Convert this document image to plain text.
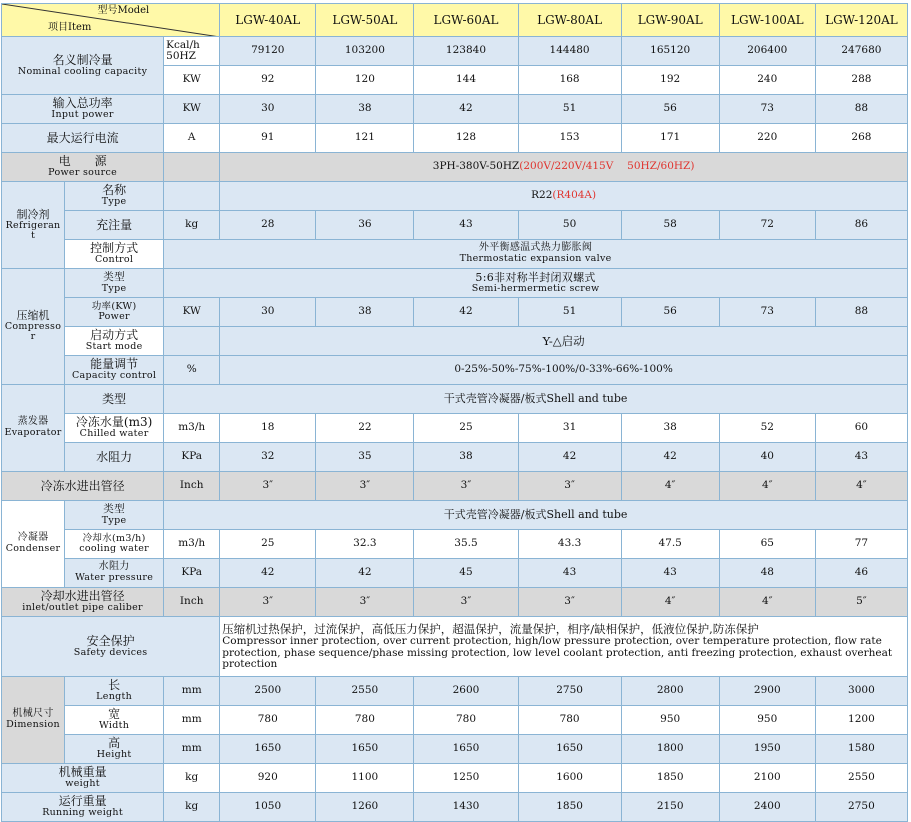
型号Model
项目Item			LGW-40AL	LGW-50AL	LGW-60AL	LGW-80AL	LGW-90AL	LGW-100AL	LGW-120AL

名义制冷量
Nominal cooling capacity		Kcal/h
50HZ	79120	103200	123840	144480	165120	206400	247680
		KW	92	120	144	168	192	240	288

输入总功率
Input power		KW	30	38	42	51	56	73	88

最大运行电流		A	91	121	128	153	171	220	268

电　　源
Power source			3PH-380V-50HZ(200V/220V/415V　 50HZ/60HZ)						

制冷剂
Refrigerant	名称
Type		R22(R404A)						

	充注量	kg	28	36	43	50	58	72	86

	控制方式
Control	外平衡感温式热力膨胀阀
Thermostatic expansion valve							

压缩机
Compressor	类型
Type	5:6非对称半封闭双螺式
Semi-hermermetic screw							

	功率(KW)
Power	KW	30	38	42	51	56	73	88

	启动方式
Start mode		Y-△启动						

	能量调节
Capacity control	%	0-25%-50%-75%-100%/0-33%-66%-100%						

蒸发器
Evaporator	类型	干式壳管冷凝器/板式Shell and tube							

	冷冻水量(m3)
Chilled water	m3/h	18	22	25	31	38	52	60

	水阻力	KPa	32	35	38	42	42	40	43

冷冻水进出管径		Inch	3″	3″	3″	3″	4″	4″	4″

冷凝器
Condenser	类型
Type	干式壳管冷凝器/板式Shell and tube							

	冷却水(m3/h)
cooling water	m3/h	25	32.3	35.5	43.3	47.5	65	77

	水阻力
Water pressure	KPa	42	42	45	43	43	48	46

冷却水进出管径
inlet/outlet pipe caliber		Inch	3″	3″	3″	3″	4″	4″	5″

安全保护
Safety devices			压缩机过热保护，过流保护，高低压力保护，超温保护，流量保护，相序/缺相保护，低液位保护,防冻保护
Compressor inner protection, over current protection, high/low pressure protection, over temperature protection, flow rate protection, phase sequence/phase missing protection, low level coolant protection, anti freezing protection, exhaust overheat protection						

机械尺寸
Dimension	长
Length	mm	2500	2550	2600	2750	2800	2900	3000

	宽
Width	mm	780	780	780	780	950	950	1200

	高
Height	mm	1650	1650	1650	1650	1800	1950	1580

机械重量
weight		kg	920	1100	1250	1600	1850	2100	2550

运行重量
Running weight		kg	1050	1260	1430	1850	2150	2400	2750
